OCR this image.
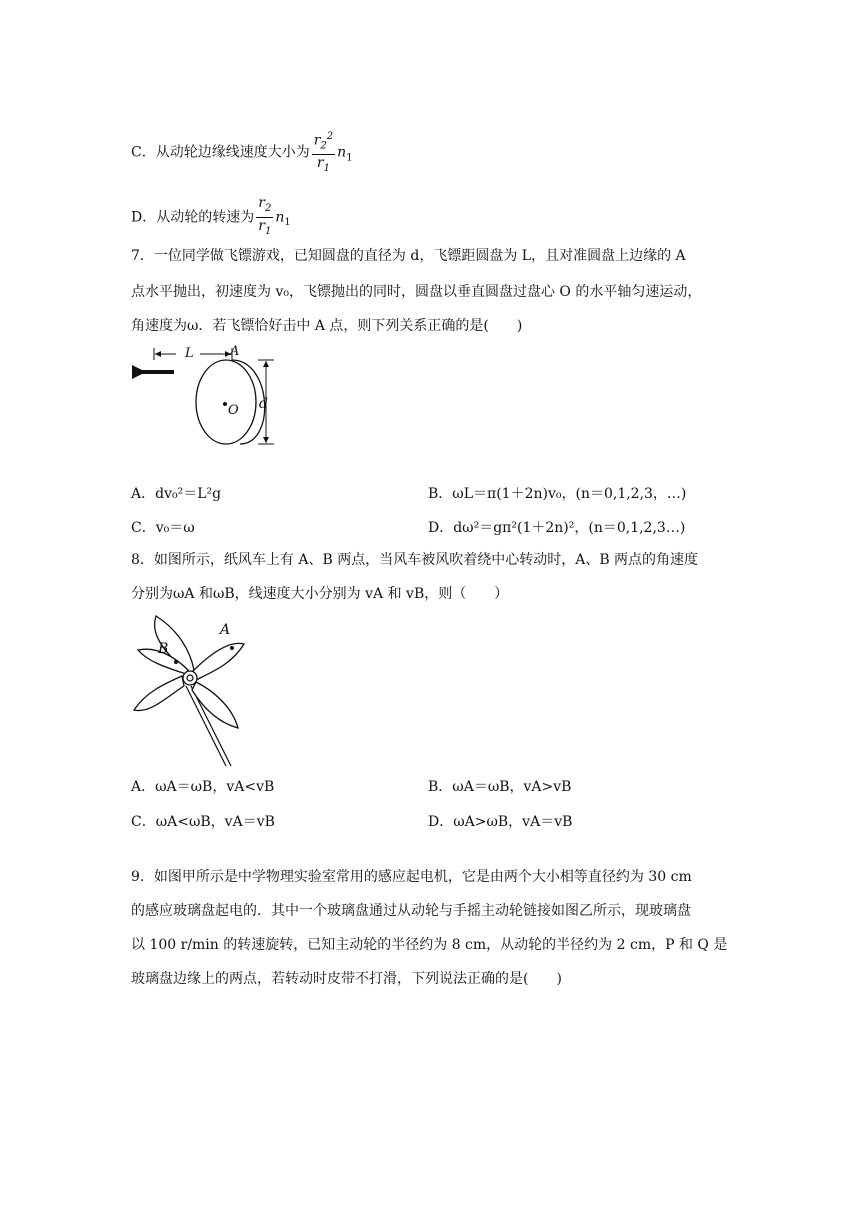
C．从动轮边缘线速度大小为 $\frac{r_2^2}{r_1} n_1$
D．从动轮的转速为 $\frac{r_2}{r_1} n_1$
7．一位同学做飞镖游戏，已知圆盘的直径为 d，飞镖距圆盘为 L，且对准圆盘上边缘的 A
点水平抛出，初速度为 v₀，飞镖抛出的同时，圆盘以垂直圆盘过盘心 O 的水平轴匀速运动，
角速度为ω．若飞镖恰好击中 A 点，则下列关系正确的是(　　)
L	A
O d
A．dv₀²＝L²g	B．ωL＝π(1＋2n)v₀，(n＝0,1,2,3，…)
C．v₀＝ω	D．dω²＝gπ²(1＋2n)²，(n＝0,1,2,3…)
8．如图所示，纸风车上有 A、B 两点，当风车被风吹着绕中心转动时，A、B 两点的角速度
分别为ωA 和ωB，线速度大小分别为 vA 和 vB，则（　　）
A
B
A．ωA＝ωB，vA<vB	B．ωA＝ωB，vA>vB
C．ωA<ωB，vA＝vB	D．ωA>ωB，vA＝vB
9．如图甲所示是中学物理实验室常用的感应起电机，它是由两个大小相等直径约为 30 cm
的感应玻璃盘起电的．其中一个玻璃盘通过从动轮与手摇主动轮链接如图乙所示，现玻璃盘
以 100 r/min 的转速旋转，已知主动轮的半径约为 8 cm，从动轮的半径约为 2 cm，P 和 Q 是
玻璃盘边缘上的两点，若转动时皮带不打滑，下列说法正确的是(　　)
